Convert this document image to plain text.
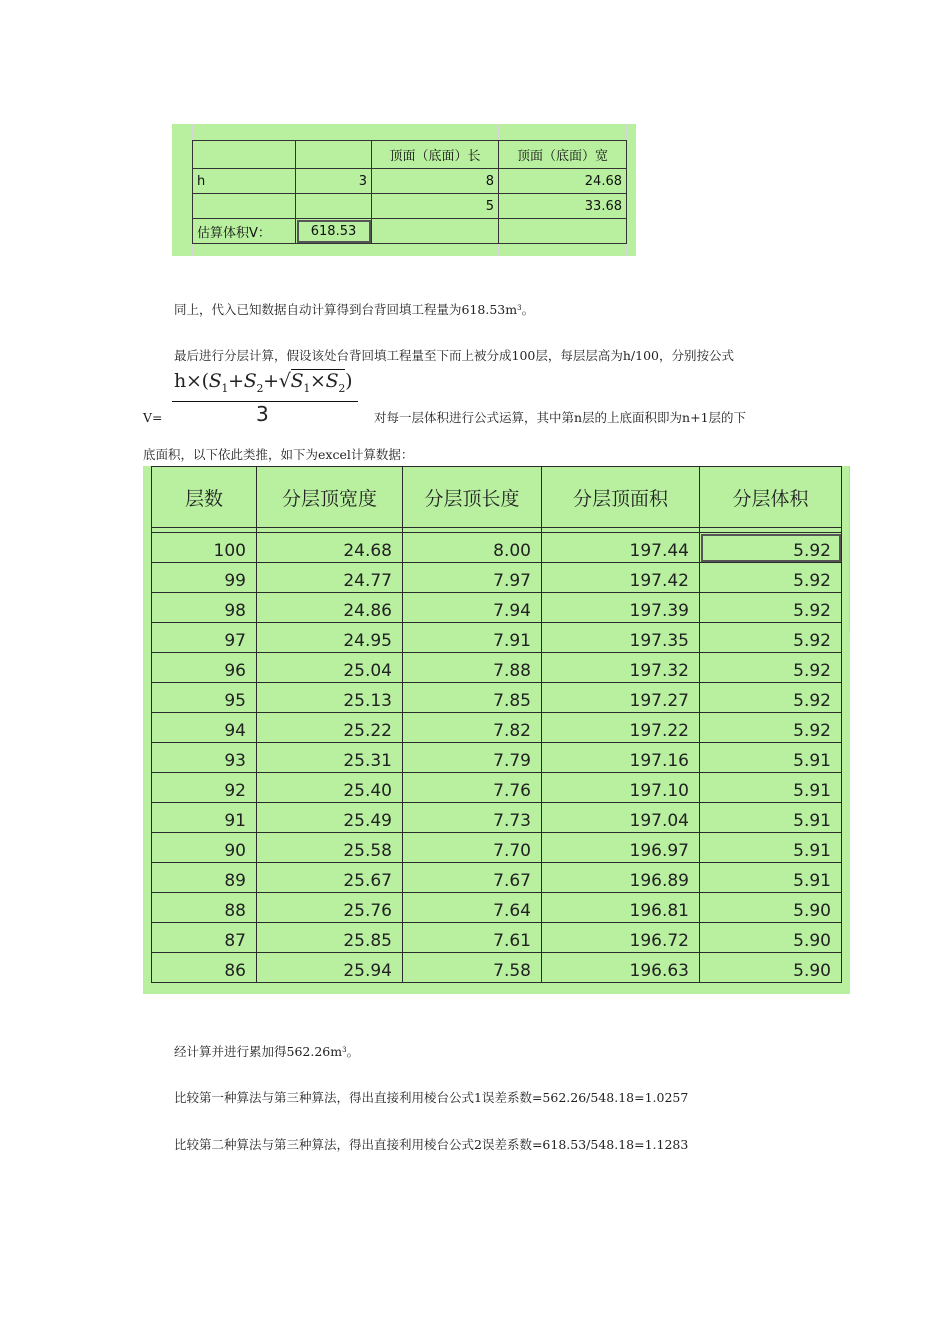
		顶面（底面）长	顶面（底面）宽
h	3	8	24.68
		5	33.68
估算体积V：	618.53		
同上，代入已知数据自动计算得到台背回填工程量为$618.53m^3$。
最后进行分层计算，假设该处台背回填工程量至下而上被分成100层，每层层高为h/100，分别按公式
$h\times(S_1+S_2+√S_1\times S_2)$
3
V=	对每一层体积进行公式运算，其中第n层的上底面积即为n+1层的下
底面积，以下依此类推，如下为excel计算数据：
层数	分层顶宽度	分层顶长度	分层顶面积	分层体积

100	24.68	8.00	197.44	5.92
99	24.77	7.97	197.42	5.92
98	24.86	7.94	197.39	5.92
97	24.95	7.91	197.35	5.92
96	25.04	7.88	197.32	5.92
95	25.13	7.85	197.27	5.92
94	25.22	7.82	197.22	5.92
93	25.31	7.79	197.16	5.91
92	25.40	7.76	197.10	5.91
91	25.49	7.73	197.04	5.91
90	25.58	7.70	196.97	5.91
89	25.67	7.67	196.89	5.91
88	25.76	7.64	196.81	5.90
87	25.85	7.61	196.72	5.90
86	25.94	7.58	196.63	5.90
经计算并进行累加得$562.26m^3$。
比较第一种算法与第三种算法，得出直接利用棱台公式1误差系数=562.26/548.18=1.0257
比较第二种算法与第三种算法，得出直接利用棱台公式2误差系数=618.53/548.18=1.1283
